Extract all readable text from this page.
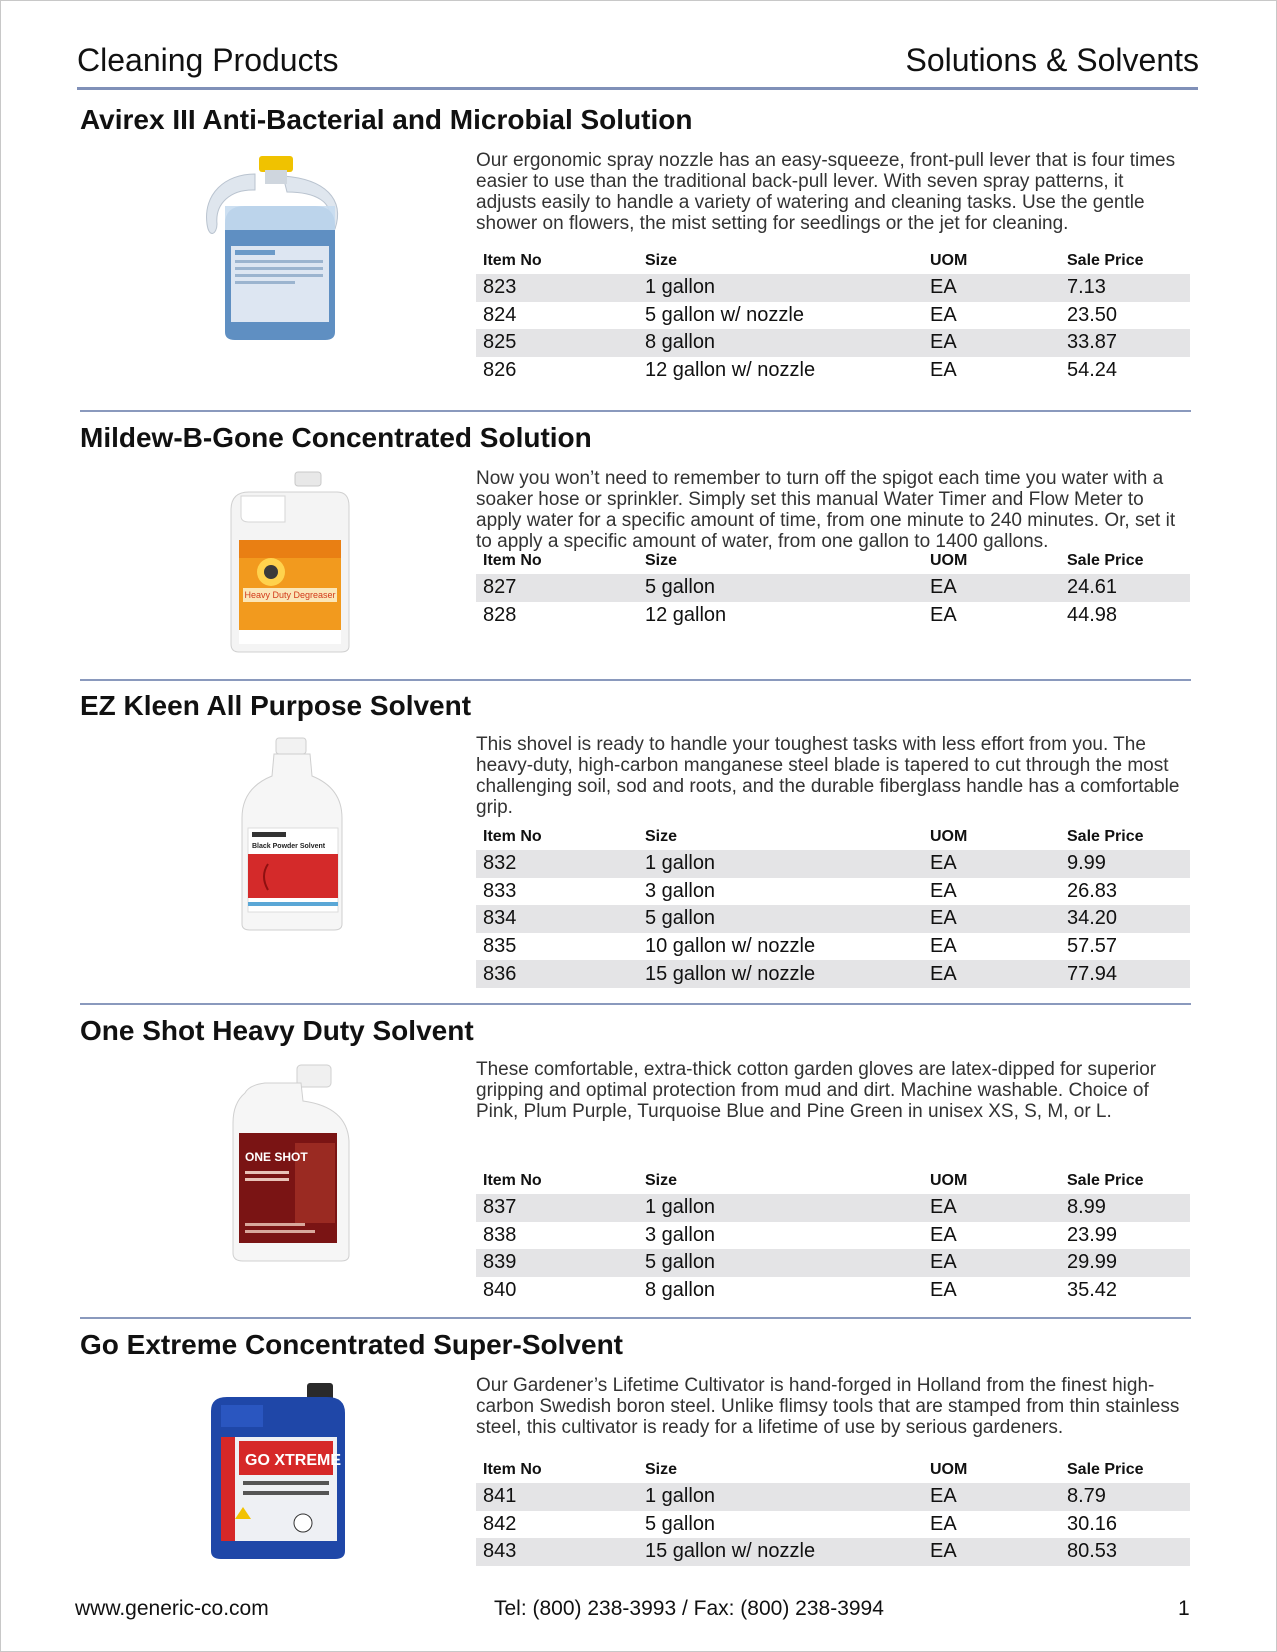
Cleaning Products	Solutions & Solvents
Avirex III Anti-Bacterial and Microbial Solution
Our ergonomic spray nozzle has an easy-squeeze, front-pull lever that is four times easier to use than the traditional back-pull lever. With seven spray patterns, it adjusts easily to handle a variety of watering and cleaning tasks. Use the gentle shower on flowers, the mist setting for seedlings or the jet for cleaning.
Item No	Size	UOM	Sale Price
823	1 gallon	EA	7.13
824	5 gallon w/ nozzle	EA	23.50
825	8 gallon	EA	33.87
826	12 gallon w/ nozzle	EA	54.24
Mildew-B-Gone Concentrated Solution
Heavy Duty Degreaser
Now you won’t need to remember to turn off the spigot each time you water with a soaker hose or sprinkler. Simply set this manual Water Timer and Flow Meter to apply water for a specific amount of time, from one minute to 240 minutes. Or, set it to apply a specific amount of water, from one gallon to 1400 gallons.
Item No	Size	UOM	Sale Price
827	5 gallon	EA	24.61
828	12 gallon	EA	44.98
EZ Kleen All Purpose Solvent
Black Powder Solvent
This shovel is ready to handle your toughest tasks with less effort from you. The heavy-duty, high-carbon manganese steel blade is tapered to cut through the most challenging soil, sod and roots, and the durable fiberglass handle has a comfortable grip.
Item No	Size	UOM	Sale Price
832	1 gallon	EA	9.99
833	3 gallon	EA	26.83
834	5 gallon	EA	34.20
835	10 gallon w/ nozzle	EA	57.57
836	15 gallon w/ nozzle	EA	77.94
One Shot Heavy Duty Solvent
ONE SHOT
These comfortable, extra-thick cotton garden gloves are latex-dipped for superior gripping and optimal protection from mud and dirt. Machine washable. Choice of Pink, Plum Purple, Turquoise Blue and Pine Green in unisex XS, S, M, or L.
Item No	Size	UOM	Sale Price
837	1 gallon	EA	8.99
838	3 gallon	EA	23.99
839	5 gallon	EA	29.99
840	8 gallon	EA	35.42
Go Extreme Concentrated Super-Solvent
GO XTREME
Our Gardener’s Lifetime Cultivator is hand-forged in Holland from the finest high-carbon Swedish boron steel. Unlike flimsy tools that are stamped from thin stainless steel, this cultivator is ready for a lifetime of use by serious gardeners.
Item No	Size	UOM	Sale Price
841	1 gallon	EA	8.79
842	5 gallon	EA	30.16
843	15 gallon w/ nozzle	EA	80.53
www.generic-co.com	Tel: (800) 238-3993 / Fax: (800) 238-3994	1
